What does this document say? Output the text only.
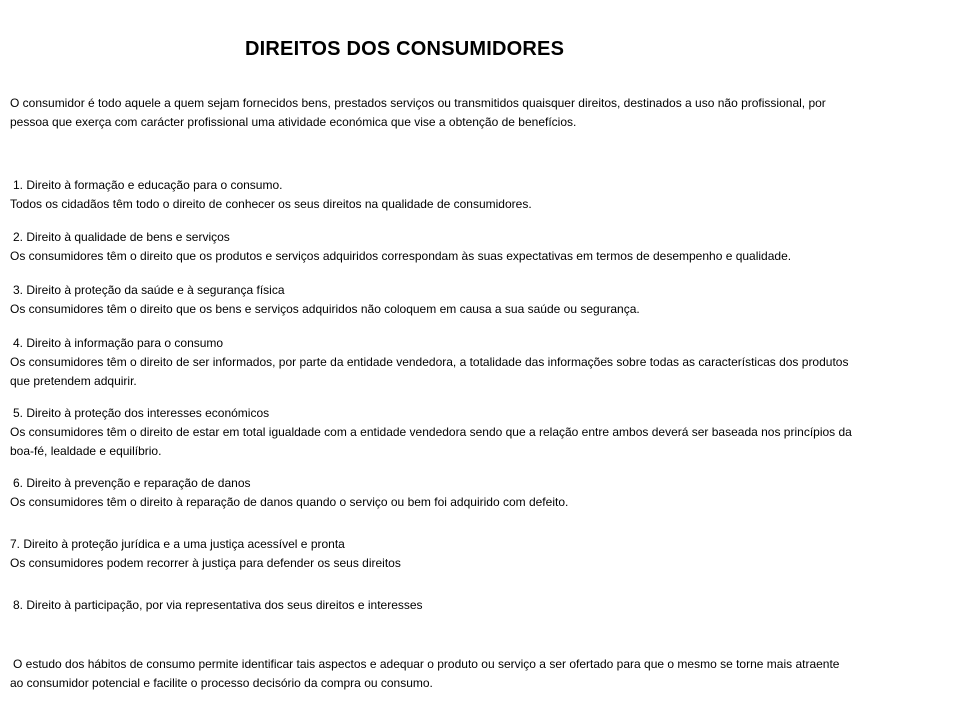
DIREITOS DOS CONSUMIDORES

O consumidor é todo aquele a quem sejam fornecidos bens, prestados serviços ou transmitidos quaisquer direitos, destinados a uso não profissional, por

pessoa que exerça com carácter profissional uma atividade económica que vise a obtenção de benefícios.

1. Direito à formação e educação para o consumo.

Todos os cidadãos têm todo o direito de conhecer os seus direitos na qualidade de consumidores.

2. Direito à qualidade de bens e serviços

Os consumidores têm o direito que os produtos e serviços adquiridos correspondam às suas expectativas em termos de desempenho e qualidade.

3. Direito à proteção da saúde e à segurança física

Os consumidores têm o direito que os bens e serviços adquiridos não coloquem em causa a sua saúde ou segurança.

4. Direito à informação para o consumo

Os consumidores têm o direito de ser informados, por parte da entidade vendedora, a totalidade das informações sobre todas as características dos produtos

que pretendem adquirir.

5. Direito à proteção dos interesses económicos

Os consumidores têm o direito de estar em total igualdade com a entidade vendedora sendo que a relação entre ambos deverá ser baseada nos princípios da

boa-fé, lealdade e equilíbrio.

6. Direito à prevenção e reparação de danos

Os consumidores têm o direito à reparação de danos quando o serviço ou bem foi adquirido com defeito.

7. Direito à proteção jurídica e a uma justiça acessível e pronta

Os consumidores podem recorrer à justiça para defender os seus direitos

8. Direito à participação, por via representativa dos seus direitos e interesses

O estudo dos hábitos de consumo permite identificar tais aspectos e adequar o produto ou serviço a ser ofertado para que o mesmo se torne mais atraente

ao consumidor potencial e facilite o processo decisório da compra ou consumo.
